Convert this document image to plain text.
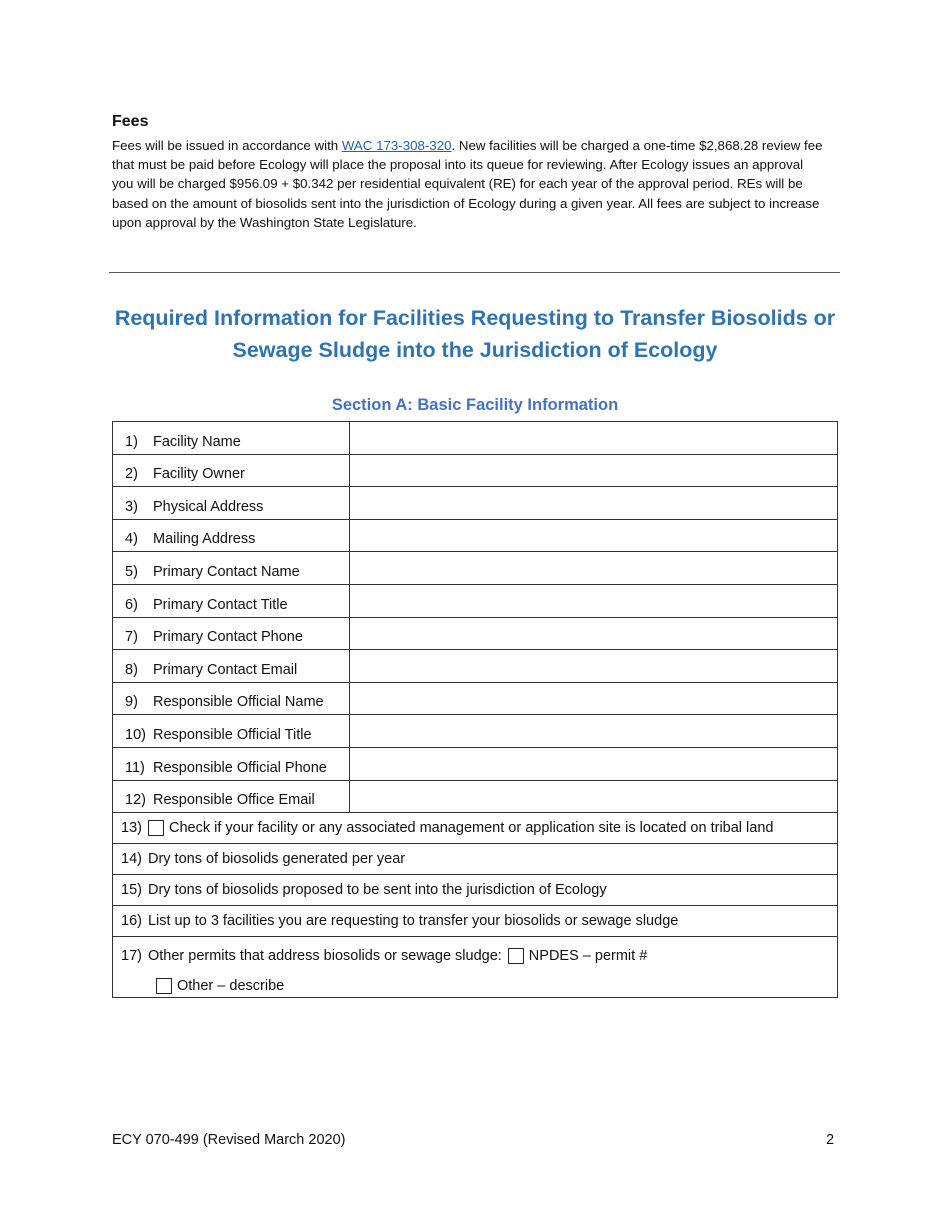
Fees
Fees will be issued in accordance with WAC 173-308-320. New facilities will be charged a one-time $2,868.28 review fee that must be paid before Ecology will place the proposal into its queue for reviewing. After Ecology issues an approval you will be charged $956.09 + $0.342 per residential equivalent (RE) for each year of the approval period. REs will be based on the amount of biosolids sent into the jurisdiction of Ecology during a given year. All fees are subject to increase upon approval by the Washington State Legislature.
Required Information for Facilities Requesting to Transfer Biosolids or
Sewage Sludge into the Jurisdiction of Ecology
Section A: Basic Facility Information
1)	Facility Name
2)	Facility Owner
3)	Physical Address
4)	Mailing Address
5)	Primary Contact Name
6)	Primary Contact Title
7)	Primary Contact Phone
8)	Primary Contact Email
9)	Responsible Official Name
10) Responsible Official Title
11) Responsible Official Phone
12) Responsible Office Email
13) Check if your facility or any associated management or application site is located on tribal land
14) Dry tons of biosolids generated per year
15) Dry tons of biosolids proposed to be sent into the jurisdiction of Ecology
16) List up to 3 facilities you are requesting to transfer your biosolids or sewage sludge
17) Other permits that address biosolids or sewage sludge: NPDES – permit #
Other – describe
ECY 070-499 (Revised March 2020)	2
